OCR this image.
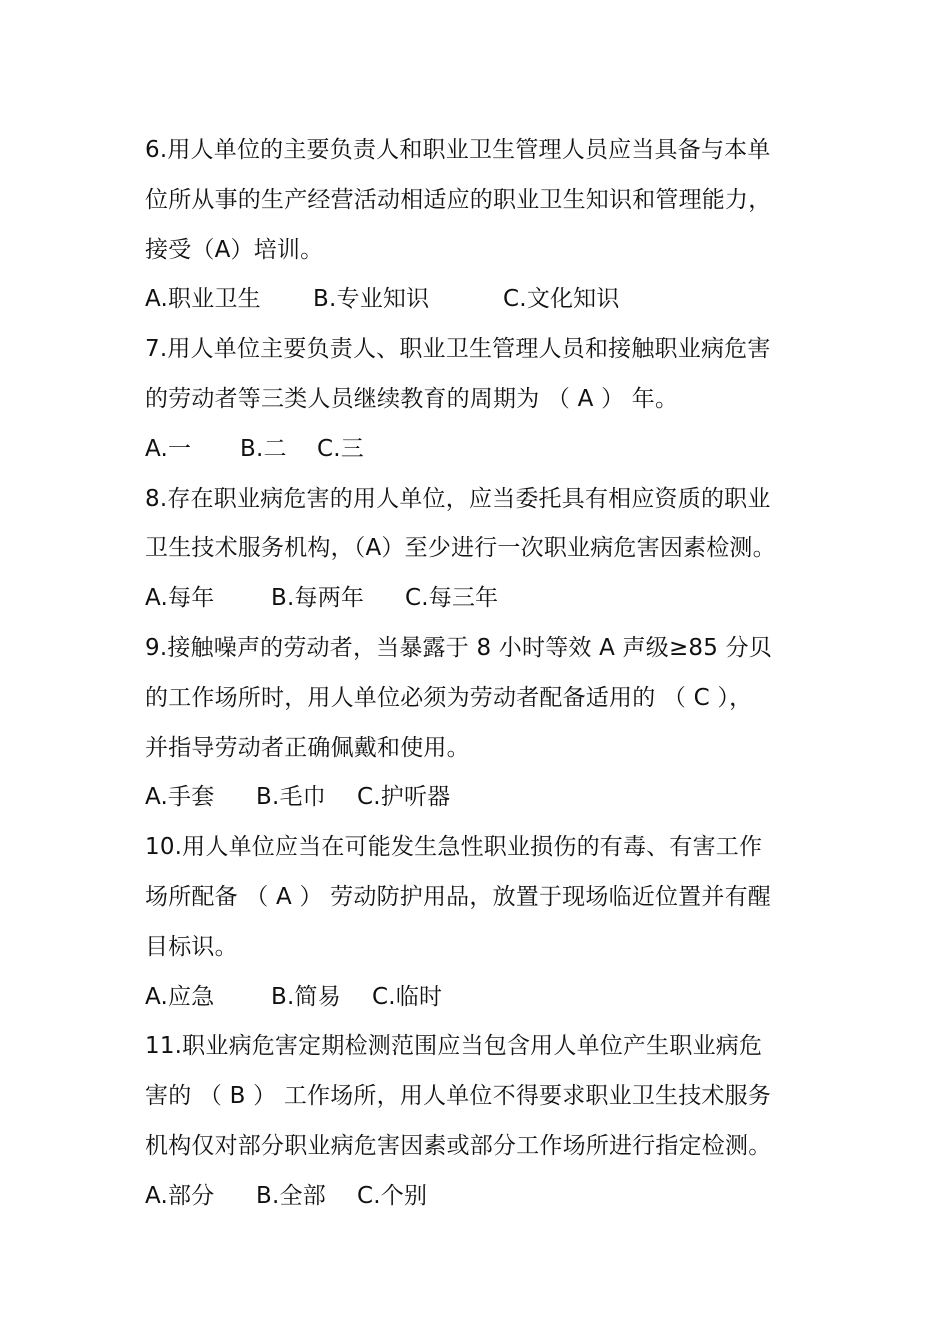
6.用人单位的主要负责人和职业卫生管理人员应当具备与本单
位所从事的生产经营活动相适应的职业卫生知识和管理能力，
接受（A）培训。
A.职业卫生	B.专业知识	C.文化知识
7.用人单位主要负责人、职业卫生管理人员和接触职业病危害
的劳动者等三类人员继续教育的周期为 （ A ） 年。
A.一	B.二	C.三
8.存在职业病危害的用人单位，应当委托具有相应资质的职业
卫生技术服务机构，（A）至少进行一次职业病危害因素检测。
A.每年	B.每两年	C.每三年
9.接触噪声的劳动者，当暴露于 8 小时等效 A 声级≥85 分贝
的工作场所时，用人单位必须为劳动者配备适用的 （ C ），
并指导劳动者正确佩戴和使用。
A.手套	B.毛巾	C.护听器
10.用人单位应当在可能发生急性职业损伤的有毒、有害工作
场所配备 （ A ） 劳动防护用品，放置于现场临近位置并有醒
目标识。
A.应急	B.简易	C.临时
11.职业病危害定期检测范围应当包含用人单位产生职业病危
害的 （ B ） 工作场所，用人单位不得要求职业卫生技术服务
机构仅对部分职业病危害因素或部分工作场所进行指定检测。
A.部分	B.全部	C.个别
